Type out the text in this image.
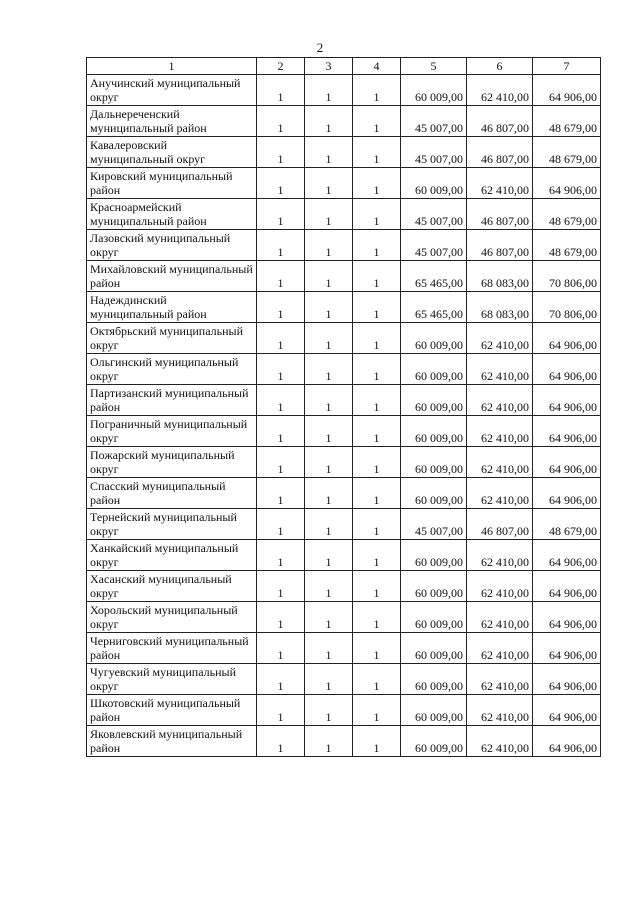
2
1	2	3	4	5	6	7
Анучинский муниципальный округ	1	1	1	60 009,00	62 410,00	64 906,00
Дальнереченский муниципальный район	1	1	1	45 007,00	46 807,00	48 679,00
Кавалеровский муниципальный округ	1	1	1	45 007,00	46 807,00	48 679,00
Кировский муниципальный район	1	1	1	60 009,00	62 410,00	64 906,00
Красноармейский муниципальный район	1	1	1	45 007,00	46 807,00	48 679,00
Лазовский муниципальный округ	1	1	1	45 007,00	46 807,00	48 679,00
Михайловский муниципальный район	1	1	1	65 465,00	68 083,00	70 806,00
Надеждинский муниципальный район	1	1	1	65 465,00	68 083,00	70 806,00
Октябрьский муниципальный округ	1	1	1	60 009,00	62 410,00	64 906,00
Ольгинский муниципальный округ	1	1	1	60 009,00	62 410,00	64 906,00
Партизанский муниципальный район	1	1	1	60 009,00	62 410,00	64 906,00
Пограничный муниципальный округ	1	1	1	60 009,00	62 410,00	64 906,00
Пожарский муниципальный округ	1	1	1	60 009,00	62 410,00	64 906,00
Спасский муниципальный район	1	1	1	60 009,00	62 410,00	64 906,00
Тернейский муниципальный округ	1	1	1	45 007,00	46 807,00	48 679,00
Ханкайский муниципальный округ	1	1	1	60 009,00	62 410,00	64 906,00
Хасанский муниципальный округ	1	1	1	60 009,00	62 410,00	64 906,00
Хорольский муниципальный округ	1	1	1	60 009,00	62 410,00	64 906,00
Черниговский муниципальный район	1	1	1	60 009,00	62 410,00	64 906,00
Чугуевский муниципальный округ	1	1	1	60 009,00	62 410,00	64 906,00
Шкотовский муниципальный район	1	1	1	60 009,00	62 410,00	64 906,00
Яковлевский муниципальный район	1	1	1	60 009,00	62 410,00	64 906,00
